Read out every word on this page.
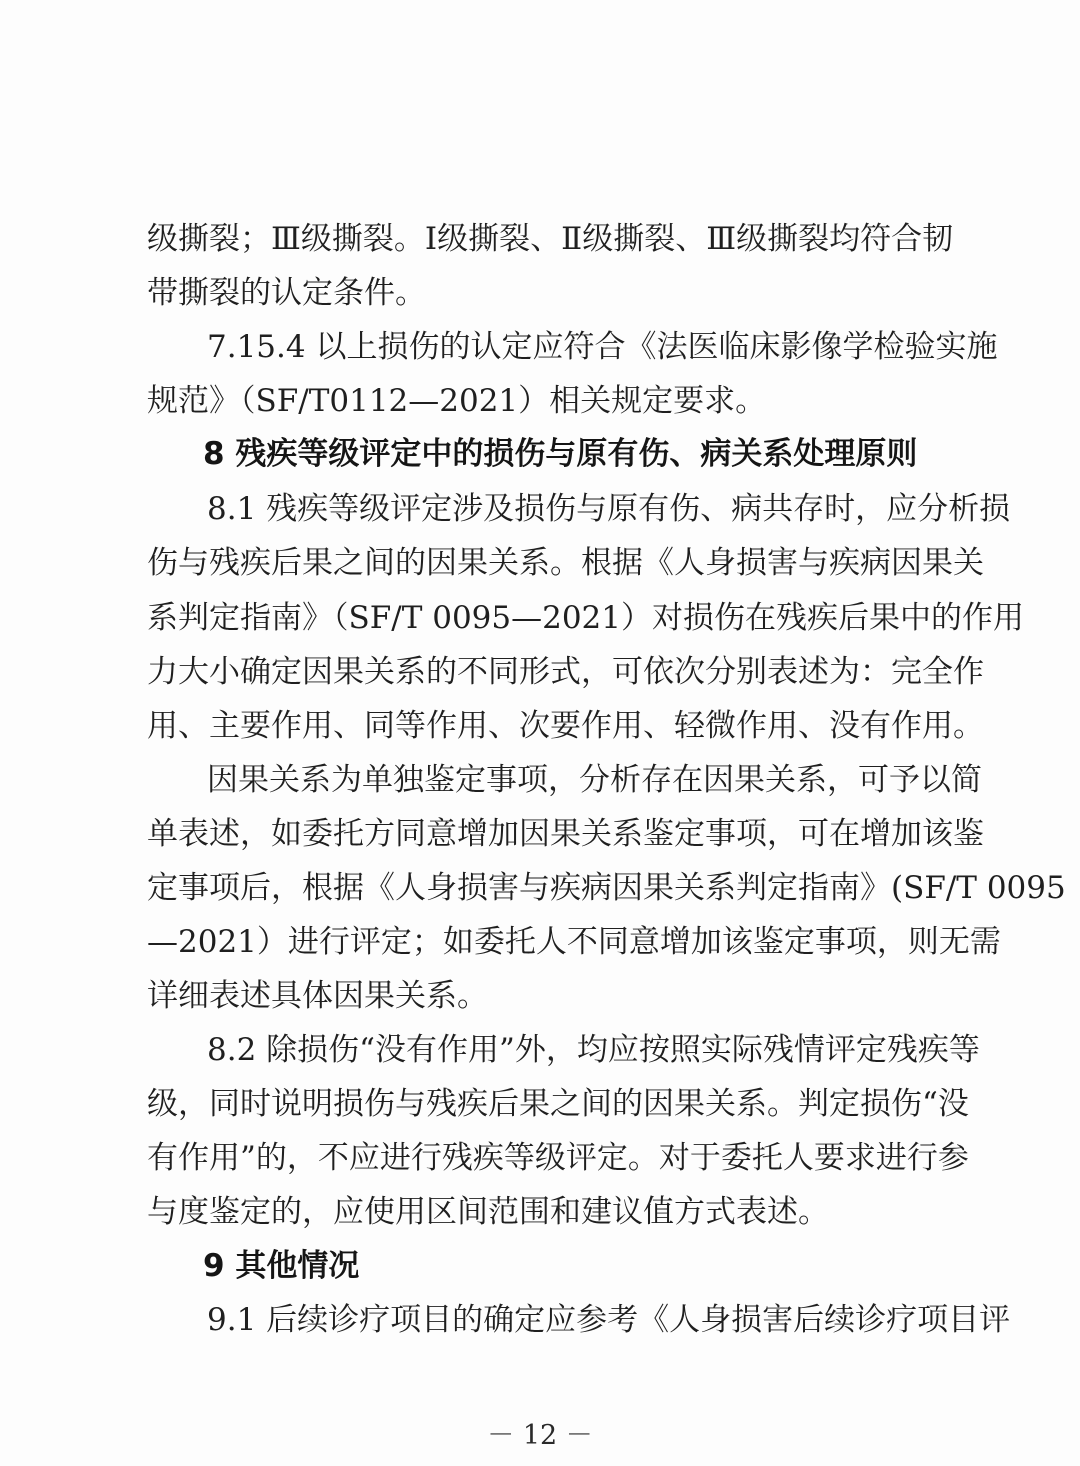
级撕裂；Ⅲ级撕裂。Ⅰ级撕裂、Ⅱ级撕裂、Ⅲ级撕裂均符合韧
带撕裂的认定条件。
7.15.4 以上损伤的认定应符合《法医临床影像学检验实施
规范》（SF/T0112—2021）相关规定要求。
8 残疾等级评定中的损伤与原有伤、病关系处理原则
8.1 残疾等级评定涉及损伤与原有伤、病共存时，应分析损
伤与残疾后果之间的因果关系。根据《人身损害与疾病因果关
系判定指南》（SF/T 0095—2021）对损伤在残疾后果中的作用
力大小确定因果关系的不同形式，可依次分别表述为：完全作
用、主要作用、同等作用、次要作用、轻微作用、没有作用。
因果关系为单独鉴定事项，分析存在因果关系，可予以简
单表述，如委托方同意增加因果关系鉴定事项，可在增加该鉴
定事项后，根据《人身损害与疾病因果关系判定指南》(SF/T 0095
—2021）进行评定；如委托人不同意增加该鉴定事项，则无需
详细表述具体因果关系。
8.2 除损伤“没有作用”外，均应按照实际残情评定残疾等
级，同时说明损伤与残疾后果之间的因果关系。判定损伤“没
有作用”的，不应进行残疾等级评定。对于委托人要求进行参
与度鉴定的，应使用区间范围和建议值方式表述。
9 其他情况
9.1 后续诊疗项目的确定应参考《人身损害后续诊疗项目评
－ 12 －
